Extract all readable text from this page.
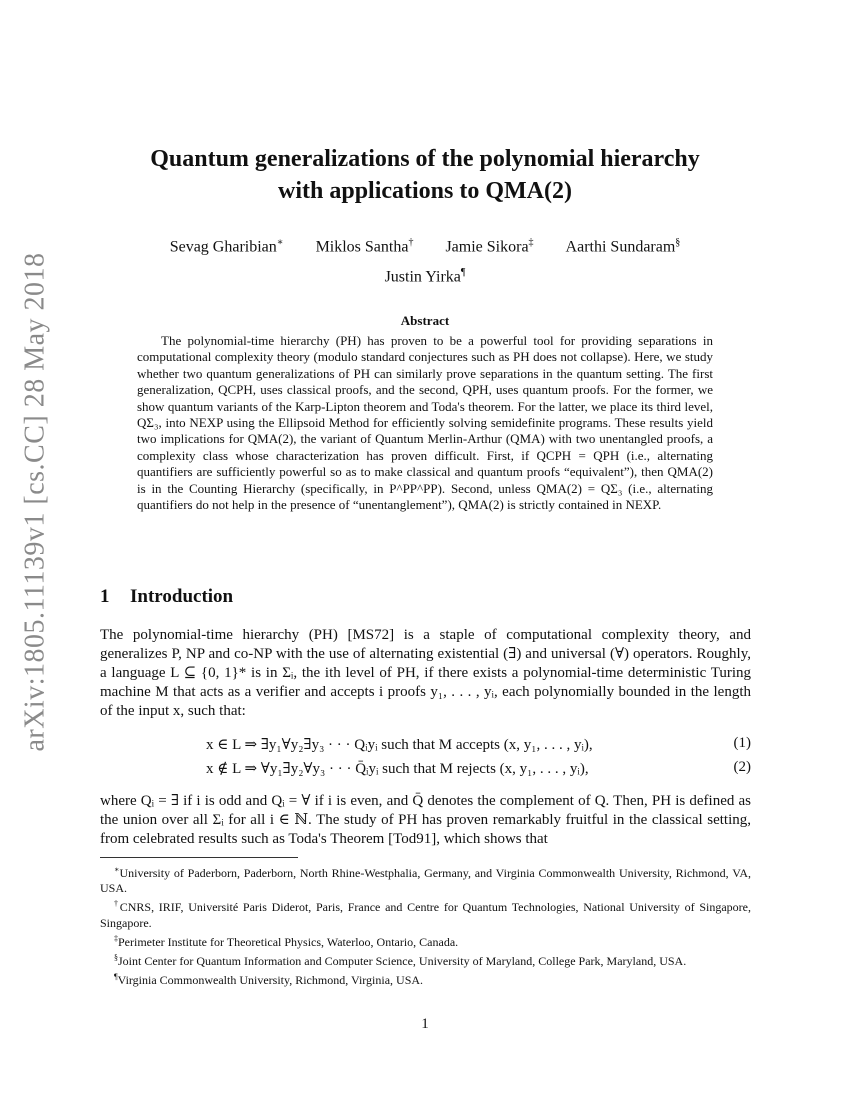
arXiv:1805.11139v1 [cs.CC] 28 May 2018
Quantum generalizations of the polynomial hierarchy
with applications to QMA(2)
Sevag Gharibian∗ Miklos Santha† Jamie Sikora‡ Aarthi Sundaram§
Justin Yirka¶
Abstract

The polynomial-time hierarchy (PH) has proven to be a powerful tool for providing separations in computational complexity theory (modulo standard conjectures such as PH does not collapse). Here, we study whether two quantum generalizations of PH can similarly prove separations in the quantum setting. The first generalization, QCPH, uses classical proofs, and the second, QPH, uses quantum proofs. For the former, we show quantum variants of the Karp-Lipton theorem and Toda's theorem. For the latter, we place its third level, QΣ₃, into NEXP using the Ellipsoid Method for efficiently solving semidefinite programs. These results yield two implications for QMA(2), the variant of Quantum Merlin-Arthur (QMA) with two unentangled proofs, a complexity class whose characterization has proven difficult. First, if QCPH = QPH (i.e., alternating quantifiers are sufficiently powerful so as to make classical and quantum proofs “equivalent”), then QMA(2) is in the Counting Hierarchy (specifically, in P^PP^PP). Second, unless QMA(2) = QΣ₃ (i.e., alternating quantifiers do not help in the presence of “unentanglement”), QMA(2) is strictly contained in NEXP.

1 Introduction

The polynomial-time hierarchy (PH) [MS72] is a staple of computational complexity theory, and generalizes P, NP and co-NP with the use of alternating existential (∃) and universal (∀) operators. Roughly, a language L ⊆ {0, 1}* is in Σᵢ, the ith level of PH, if there exists a polynomial-time deterministic Turing machine M that acts as a verifier and accepts i proofs y₁, . . . , yᵢ, each polynomially bounded in the length of the input x, such that:

x ∈ L ⇒ ∃y₁∀y₂∃y₃ · · · Qᵢyᵢ such that M accepts (x, y₁, . . . , yᵢ),	(1)
x ∉ L ⇒ ∀y₁∃y₂∀y₃ · · · Q̄ᵢyᵢ such that M rejects (x, y₁, . . . , yᵢ),	(2)

where Qᵢ = ∃ if i is odd and Qᵢ = ∀ if i is even, and Q̄ denotes the complement of Q. Then, PH is defined as the union over all Σᵢ for all i ∈ ℕ. The study of PH has proven remarkably fruitful in the classical setting, from celebrated results such as Toda's Theorem [Tod91], which shows that

∗University of Paderborn, Paderborn, North Rhine-Westphalia, Germany, and Virginia Commonwealth University, Richmond, VA, USA.

†CNRS, IRIF, Université Paris Diderot, Paris, France and Centre for Quantum Technologies, National University of Singapore, Singapore.

‡Perimeter Institute for Theoretical Physics, Waterloo, Ontario, Canada.

§Joint Center for Quantum Information and Computer Science, University of Maryland, College Park, Maryland, USA.

¶Virginia Commonwealth University, Richmond, Virginia, USA.

1
